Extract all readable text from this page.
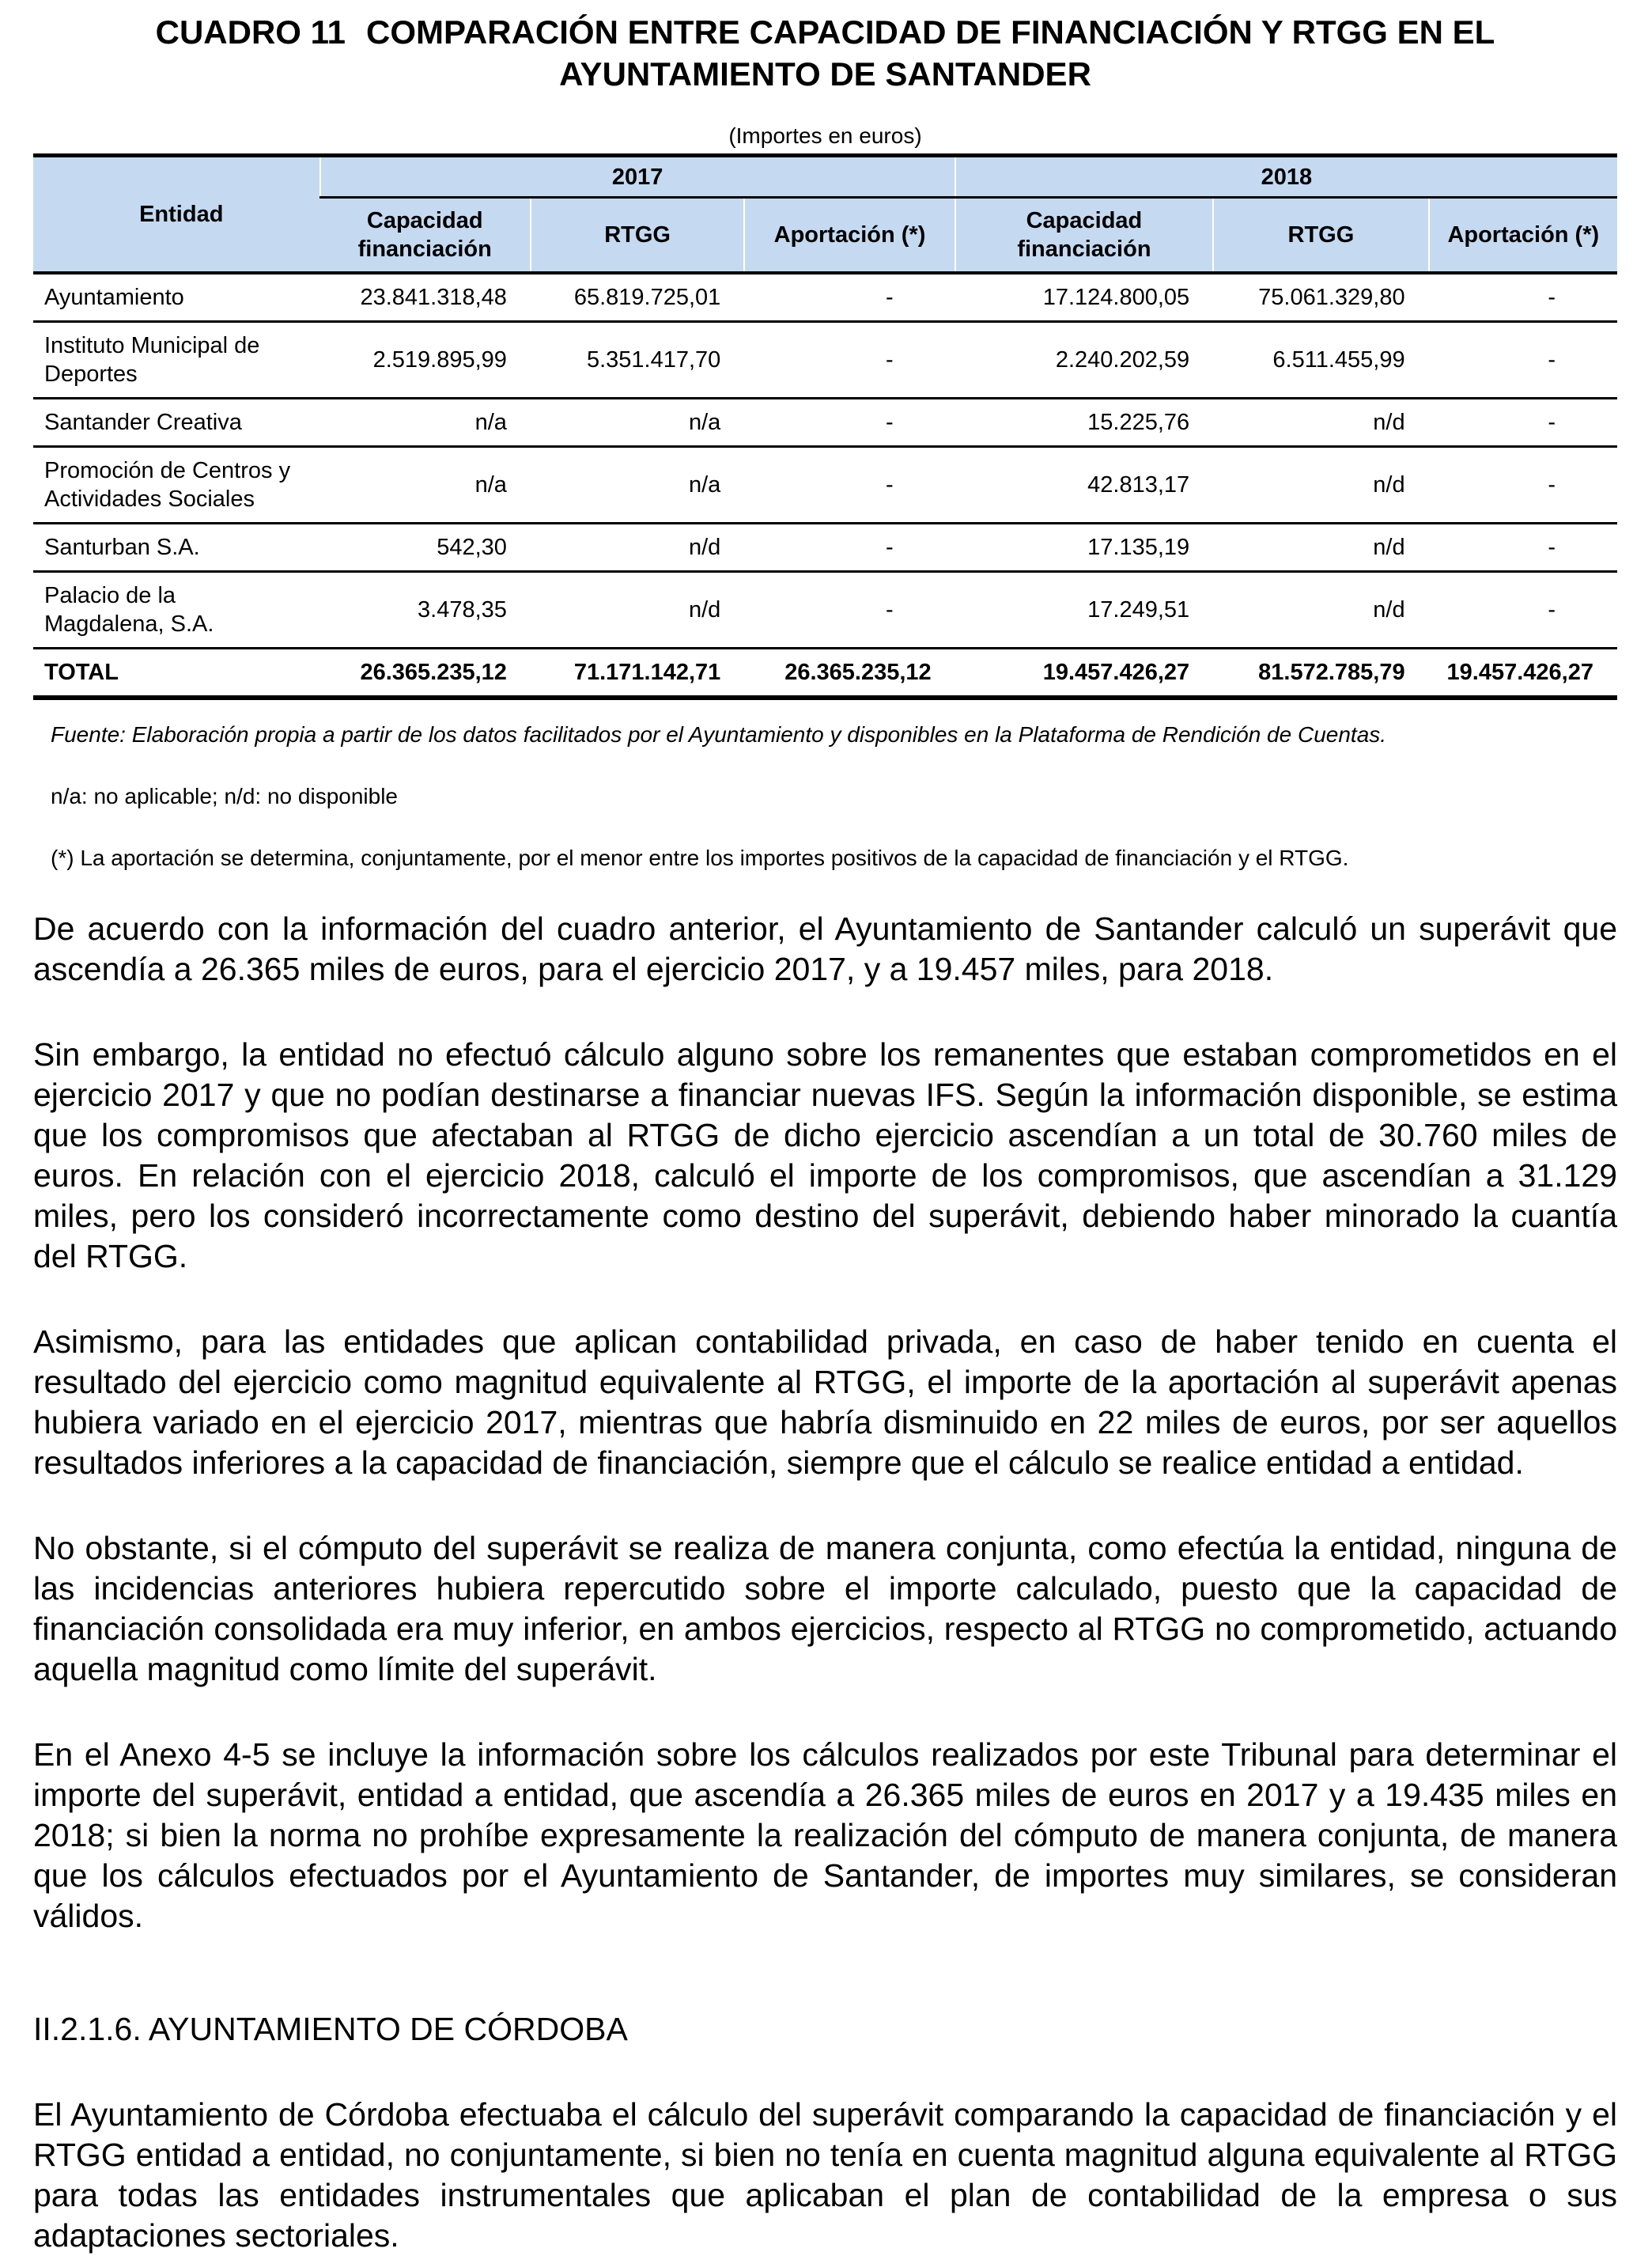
CUADRO 11 COMPARACIÓN ENTRE CAPACIDAD DE FINANCIACIÓN Y RTGG EN EL AYUNTAMIENTO DE SANTANDER
(Importes en euros)
Entidad	2017			2018		
	Capacidad financiación	RTGG	Aportación (*)	Capacidad financiación	RTGG	Aportación (*)
Ayuntamiento	23.841.318,48	65.819.725,01	-	17.124.800,05	75.061.329,80	-
Instituto Municipal de Deportes	2.519.895,99	5.351.417,70	-	2.240.202,59	6.511.455,99	-
Santander Creativa	n/a	n/a	-	15.225,76	n/d	-
Promoción de Centros y Actividades Sociales	n/a	n/a	-	42.813,17	n/d	-
Santurban S.A.	542,30	n/d	-	17.135,19	n/d	-
Palacio de la Magdalena, S.A.	3.478,35	n/d	-	17.249,51	n/d	-
TOTAL	26.365.235,12	71.171.142,71	26.365.235,12	19.457.426,27	81.572.785,79	19.457.426,27

Fuente: Elaboración propia a partir de los datos facilitados por el Ayuntamiento y disponibles en la Plataforma de Rendición de Cuentas.

n/a: no aplicable; n/d: no disponible

(*) La aportación se determina, conjuntamente, por el menor entre los importes positivos de la capacidad de financiación y el RTGG.

De acuerdo con la información del cuadro anterior, el Ayuntamiento de Santander calculó un superávit que ascendía a 26.365 miles de euros, para el ejercicio 2017, y a 19.457 miles, para 2018.

Sin embargo, la entidad no efectuó cálculo alguno sobre los remanentes que estaban comprometidos en el ejercicio 2017 y que no podían destinarse a financiar nuevas IFS. Según la información disponible, se estima que los compromisos que afectaban al RTGG de dicho ejercicio ascendían a un total de 30.760 miles de euros. En relación con el ejercicio 2018, calculó el importe de los compromisos, que ascendían a 31.129 miles, pero los consideró incorrectamente como destino del superávit, debiendo haber minorado la cuantía del RTGG.

Asimismo, para las entidades que aplican contabilidad privada, en caso de haber tenido en cuenta el resultado del ejercicio como magnitud equivalente al RTGG, el importe de la aportación al superávit apenas hubiera variado en el ejercicio 2017, mientras que habría disminuido en 22 miles de euros, por ser aquellos resultados inferiores a la capacidad de financiación, siempre que el cálculo se realice entidad a entidad.

No obstante, si el cómputo del superávit se realiza de manera conjunta, como efectúa la entidad, ninguna de las incidencias anteriores hubiera repercutido sobre el importe calculado, puesto que la capacidad de financiación consolidada era muy inferior, en ambos ejercicios, respecto al RTGG no comprometido, actuando aquella magnitud como límite del superávit.

En el Anexo 4-5 se incluye la información sobre los cálculos realizados por este Tribunal para determinar el importe del superávit, entidad a entidad, que ascendía a 26.365 miles de euros en 2017 y a 19.435 miles en 2018; si bien la norma no prohíbe expresamente la realización del cómputo de manera conjunta, de manera que los cálculos efectuados por el Ayuntamiento de Santander, de importes muy similares, se consideran válidos.

II.2.1.6. AYUNTAMIENTO DE CÓRDOBA

El Ayuntamiento de Córdoba efectuaba el cálculo del superávit comparando la capacidad de financiación y el RTGG entidad a entidad, no conjuntamente, si bien no tenía en cuenta magnitud alguna equivalente al RTGG para todas las entidades instrumentales que aplicaban el plan de contabilidad de la empresa o sus adaptaciones sectoriales.
